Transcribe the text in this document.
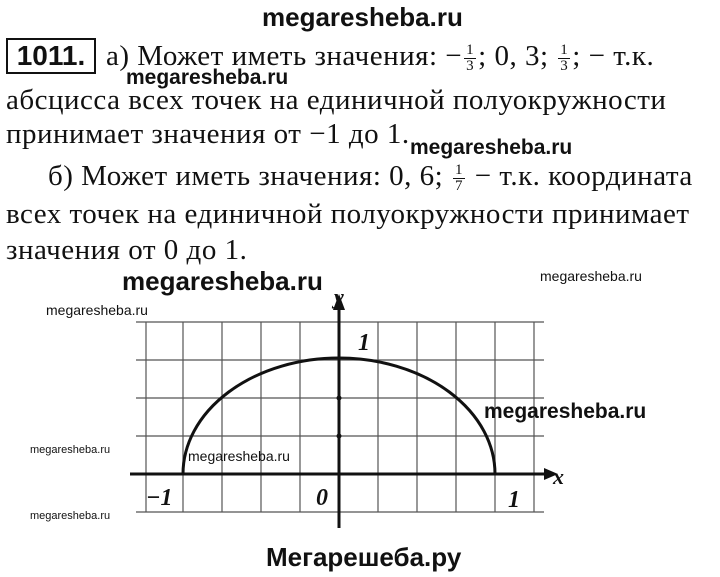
megaresheba.ru
1011. а) Может иметь значения: − $\frac{1}{3}$ ; 0, 3; $\frac{1}{3}$ ; − т.к.
megaresheba.ru
абсцисса всех точек на единичной полуокружности
принимает значения от −1 до 1. megaresheba.ru
б) Может иметь значения: 0, 6; $\frac{1}{7} - т.к$. координата
всех точек на единичной полуокружности принимает
значения от 0 до 1.
megaresheba.ru	megaresheba.ru
megaresheba.ru
y
x
1
−1	0	1
megaresheba.ru
megaresheba.ru	megaresheba.ru
megaresheba.ru
Мегарешеба.ру
